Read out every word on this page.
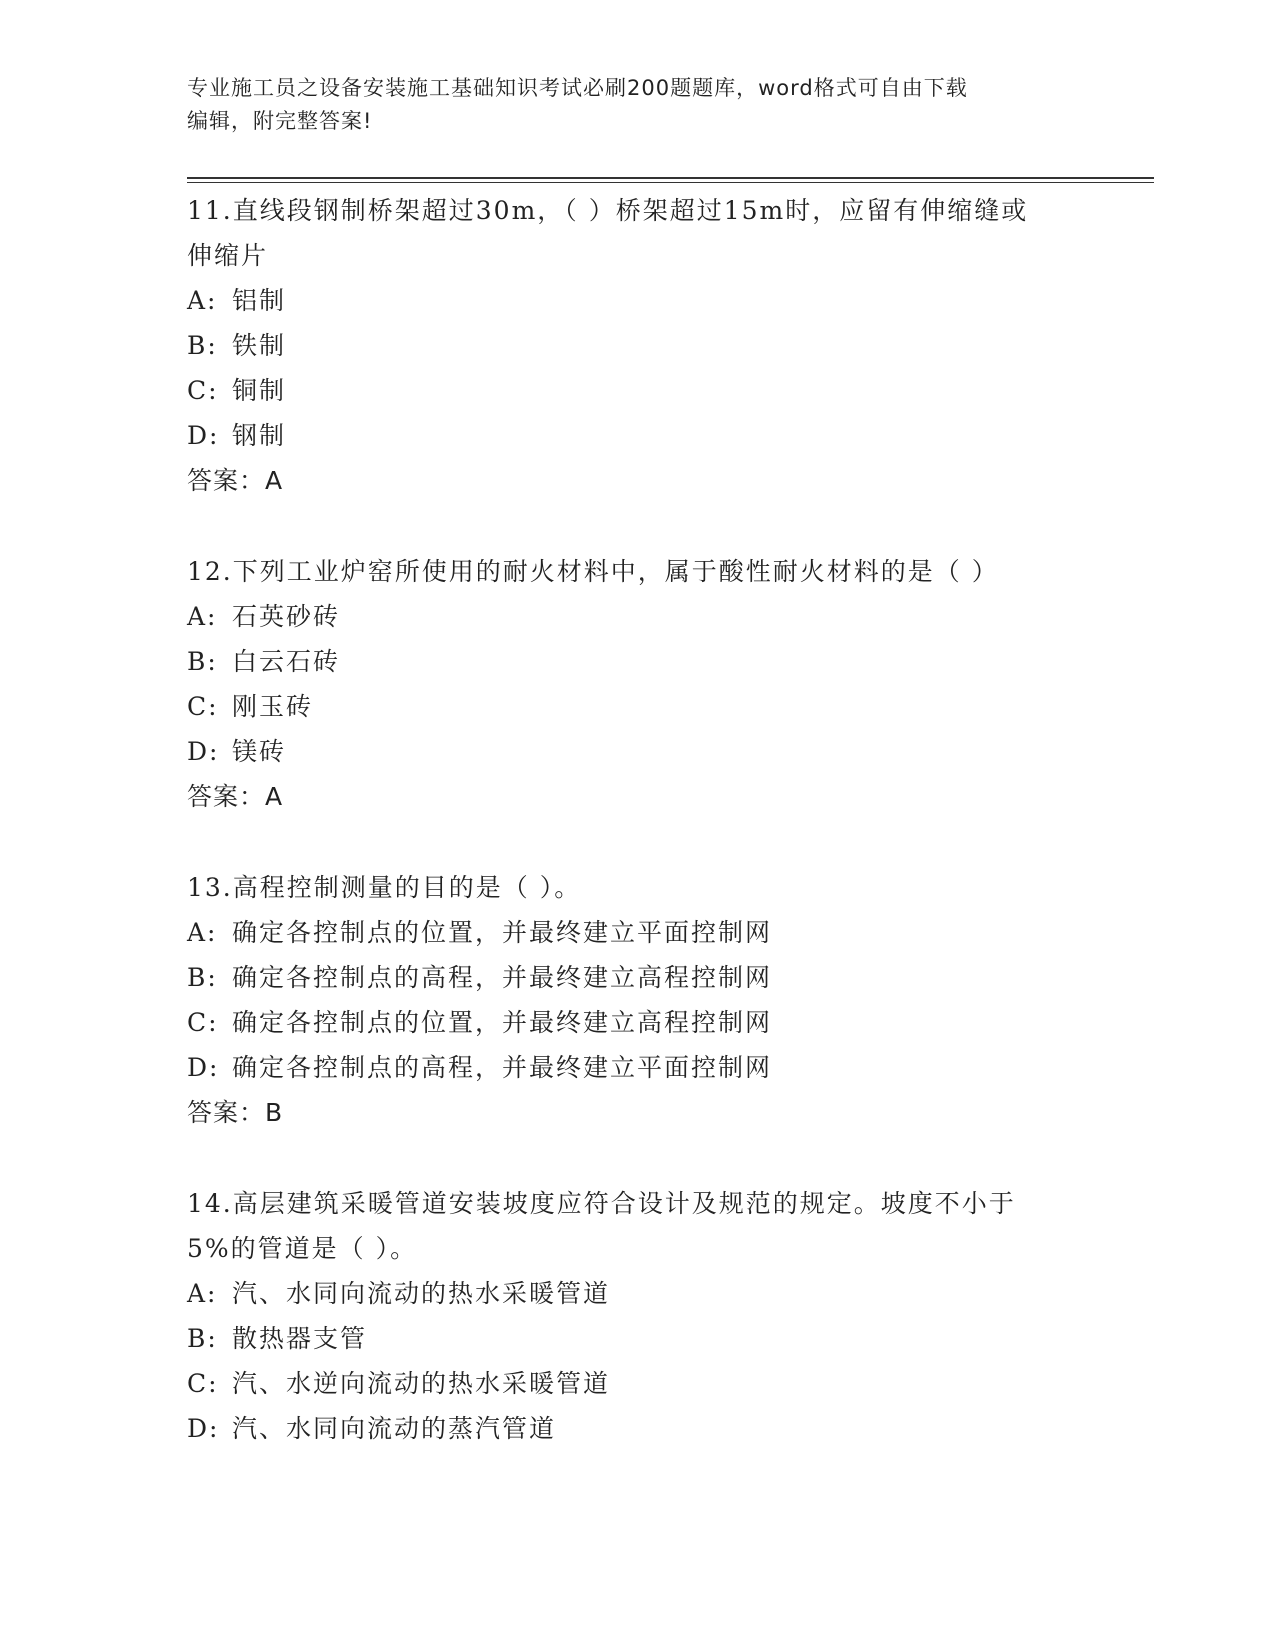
专业施工员之设备安装施工基础知识考试必刷200题题库，word格式可自由下载
编辑，附完整答案!
11.直线段钢制桥架超过30m，（ ）桥架超过15m时，应留有伸缩缝或
伸缩片
A: 铝制
B: 铁制
C: 铜制
D: 钢制
答案：A
12.下列工业炉窑所使用的耐火材料中，属于酸性耐火材料的是（ ）
A: 石英砂砖
B: 白云石砖
C: 刚玉砖
D: 镁砖
答案：A
13.高程控制测量的目的是（ ）。
A: 确定各控制点的位置，并最终建立平面控制网
B: 确定各控制点的高程，并最终建立高程控制网
C: 确定各控制点的位置，并最终建立高程控制网
D: 确定各控制点的高程，并最终建立平面控制网
答案：B
14.高层建筑采暖管道安装坡度应符合设计及规范的规定。坡度不小于
5%的管道是（ ）。
A: 汽、水同向流动的热水采暖管道
B: 散热器支管
C: 汽、水逆向流动的热水采暖管道
D: 汽、水同向流动的蒸汽管道
